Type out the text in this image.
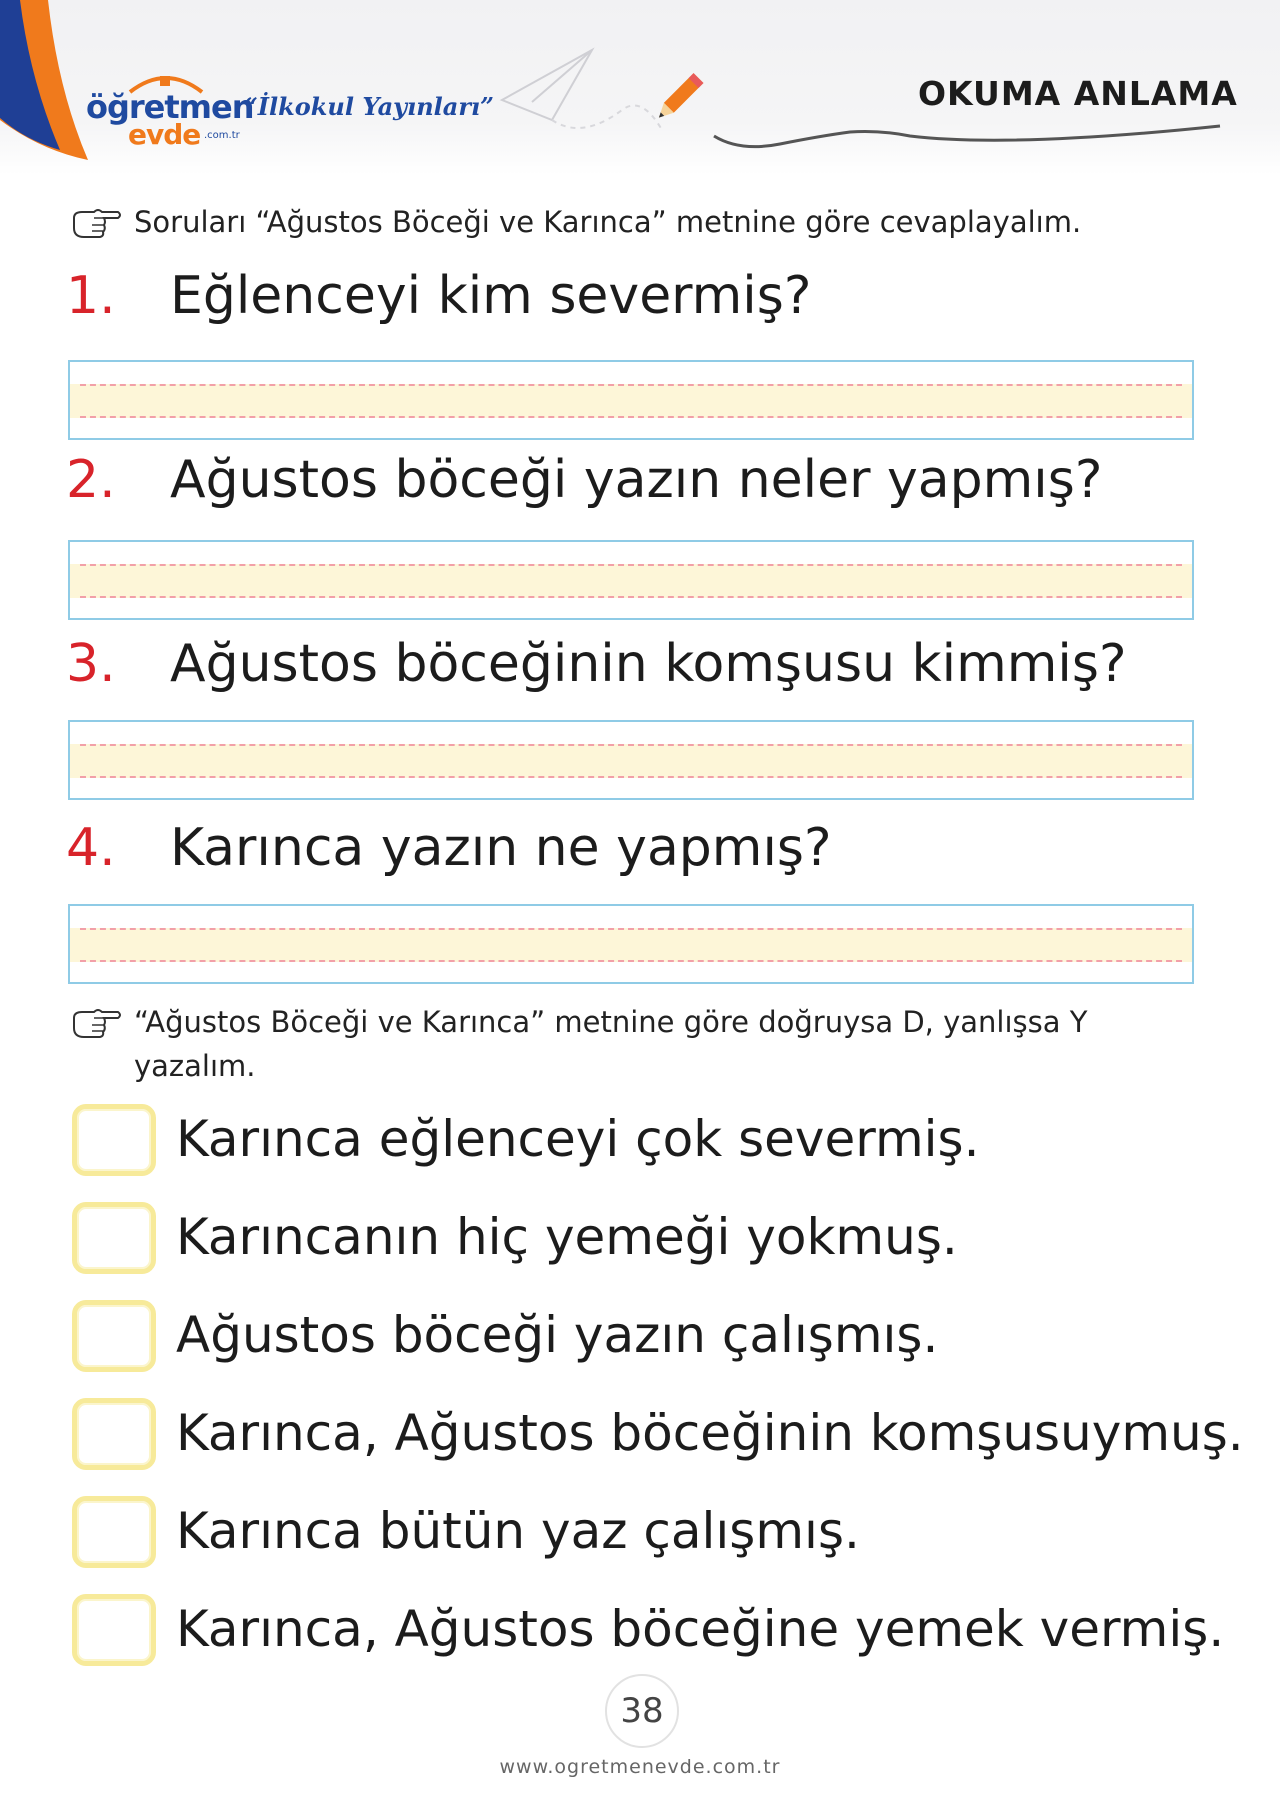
öğretmen
evde .com.tr
“İlkokul Yayınları”	OKUMA ANLAMA
Soruları “Ağustos Böceği ve Karınca” metnine göre cevaplayalım.
1. Eğlenceyi kim severmiş?
2. Ağustos böceği yazın neler yapmış?
3. Ağustos böceğinin komşusu kimmiş?
4. Karınca yazın ne yapmış?
“Ağustos Böceği ve Karınca” metnine göre doğruysa D, yanlışsa Y
yazalım.
Karınca eğlenceyi çok severmiş.
Karıncanın hiç yemeği yokmuş.
Ağustos böceği yazın çalışmış.
Karınca, Ağustos böceğinin komşusuymuş.
Karınca bütün yaz çalışmış.
Karınca, Ağustos böceğine yemek vermiş.
38
www.ogretmenevde.com.tr
